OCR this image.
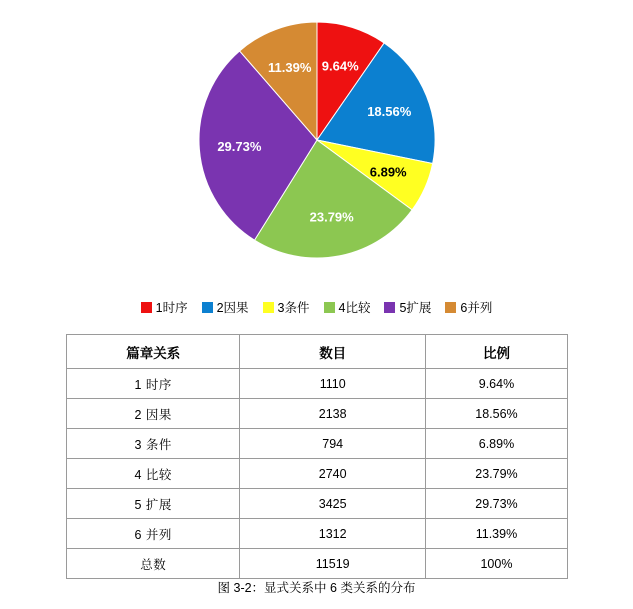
9.64%
18.56%
6.89%
23.79%
29.73%
11.39%
1时序 2因果 3条件 4比较 5扩展 6并列
篇章关系	数目	比例
1 时序	1110	9.64%
2 因果	2138	18.56%
3 条件	794	6.89%
4 比较	2740	23.79%
5 扩展	3425	29.73%
6 并列	1312	11.39%
总数	11519	100%
图 3-2：显式关系中 6 类关系的分布
